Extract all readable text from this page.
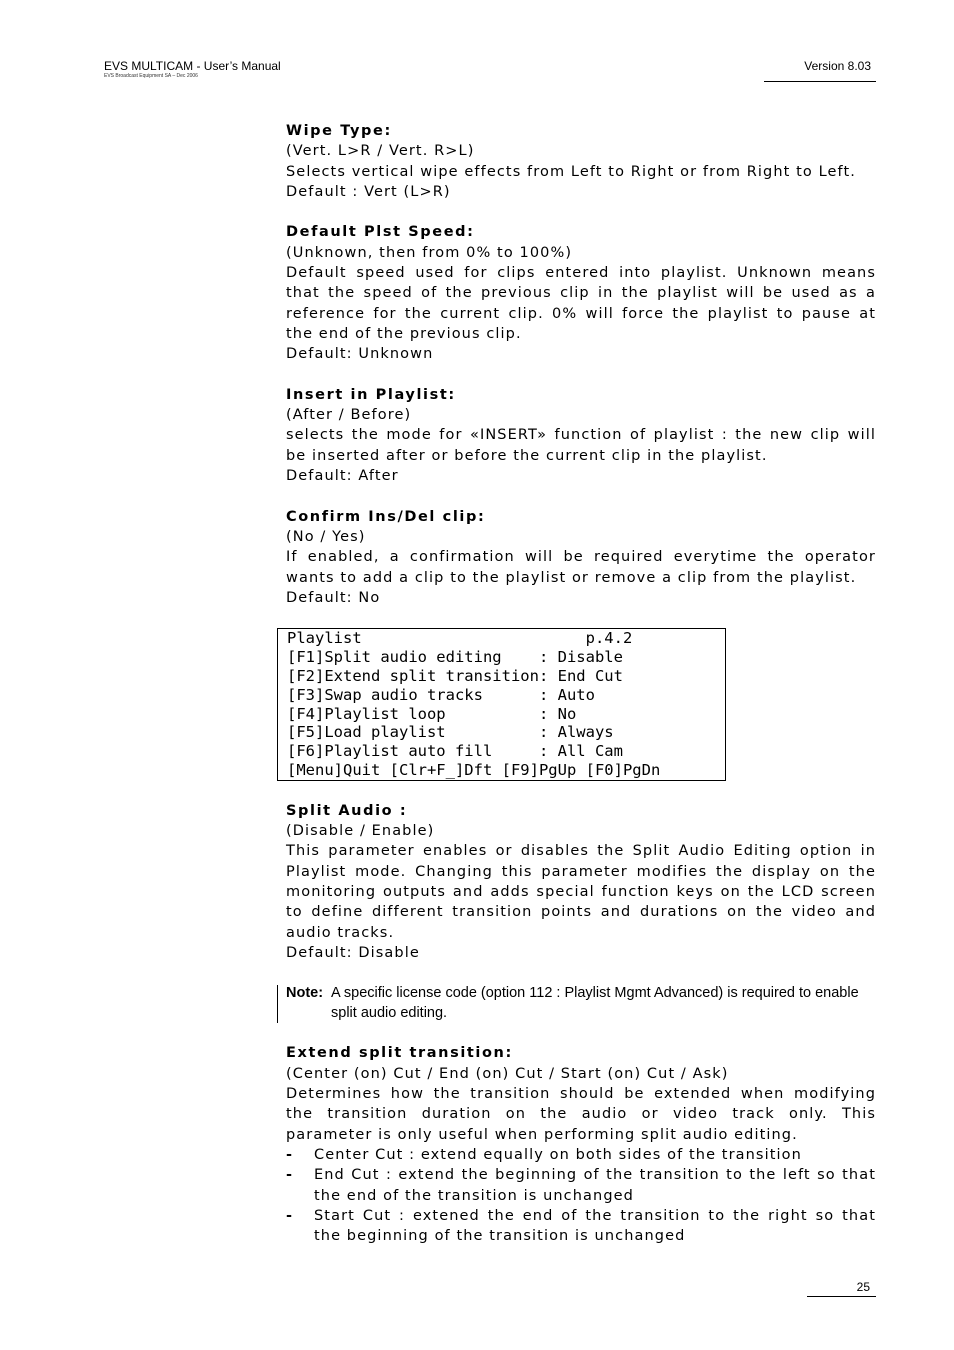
EVS MULTICAM - User’s Manual
EVS Broadcast Equipment SA – Dec 2006
Version 8.03

Wipe Type:

(Vert. L>R / Vert. R>L)

Selects vertical wipe effects from Left to Right or from Right to Left.

Default : Vert (L>R)

Default Plst Speed:

(Unknown, then from 0% to 100%)

Default speed used for clips entered into playlist. Unknown means that the speed of the previous clip in the playlist will be used as a reference for the current clip. 0% will force the playlist to pause at the end of the previous clip.

Default: Unknown

Insert in Playlist:

(After / Before)

selects the mode for «INSERT» function of playlist : the new clip will be inserted after or before the current clip in the playlist.

Default: After

Confirm Ins/Del clip:

(No / Yes)

If enabled, a confirmation will be required everytime the operator wants to add a clip to the playlist or remove a clip from the playlist.

Default: No

Playlist                        p.4.2
[F1]Split audio editing    : Disable
[F2]Extend split transition: End Cut
[F3]Swap audio tracks      : Auto
[F4]Playlist loop          : No
[F5]Load playlist          : Always
[F6]Playlist auto fill     : All Cam
[Menu]Quit [Clr+F_]Dft [F9]PgUp [F0]PgDn

Split Audio :

(Disable / Enable)

This parameter enables or disables the Split Audio Editing option in Playlist mode. Changing this parameter modifies the display on the monitoring outputs and adds special function keys on the LCD screen to define different transition points and durations on the video and audio tracks.

Default: Disable

Note: A specific license code (option 112 : Playlist Mgmt Advanced) is required to enable split audio editing.

Extend split transition:

(Center (on) Cut / End (on) Cut / Start (on) Cut / Ask)

Determines how the transition should be extended when modifying the transition duration on the audio or video track only. This parameter is only useful when performing split audio editing.

- Center Cut : extend equally on both sides of the transition
- End Cut : extend the beginning of the transition to the left so that the end of the transition is unchanged
- Start Cut : extened the end of the transition to the right so that the beginning of the transition is unchanged
25
